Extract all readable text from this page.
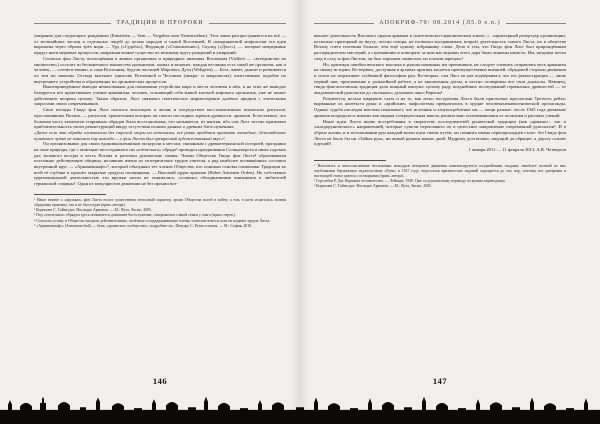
ТРАДИЦИИ И ПРОРОКИ

умирание для следующего рождения» (Entstehen — Sein — Vergehen zum Neuentstehen). Этот закон распространяется на всё — от мельчайших частиц и отдельных людей до целых народов и самой Вселенной. В скандинавской мифологии эта идея выражена через образы трёх норн — Урд («Судьба»), Верданди («Становление»), Скульд («Долг»), — которые непрерывно прядут нити мировых процессов, направляя всякое существо по великому кругу рождений и умираний.

Согласно фон Листу, воплощённая в живых организмах и природных явлениях Вселенная (Vielheit — «всеединство во множестве») состоит из бесконечного множества организмов, малых и великих: каждая песчинка есть такой же организм, как и человек, — соответственно, и сама Вселенная, будучи частицей Мирового Духа (Weltgeist) — Бога, живёт, дышит и развивается по тем же законам. Отсюда вытекает единство Вселенной и Человека (микро- и макрокосма), качественное подобие их внутреннего устройства и образующих их органических процессов.

Вышеприведённые выводы немаловажны для понимания устройства мира и места человека в нём, и на этих же выводах базируется всё нравственное учение арманизма: человек, сознающий себя живой клеткой мирового организма, уже не может действовать вопреки целому. Таким образом, Лист связывал генетическое мировоззрение далёких предков с этическими запросами своих современников.

Свои взгляды Гвидо фон Лист пытался воплощать в жизнь и посредством восстановленных языческих ритуалов, прославлявших Вотана, — ритуалов, хранителями которых он считал последних жрецов древности, арманов. Естественно, что большая часть элементов старинных обрядов была восстановлена, что называется, из наития, ибо сам Лист честно признавал приблизительность своих реконструкций ввиду отсутствия полных данных о древних богослужениях:

«Даже если эти обряды составлены без строгой опоры на источники, всё равно придётся признать очевидное: безошибочное культовое чутьё не изменяло ему никогда — у фон Листа был прекрасный художественный вкус»².

Он организовывал для своих единомышленников экскурсии к местам, связанным с древнегерманской историей, праздники на лоне природы, где с помощью воссозданного им «отеческого» обряда³ проводил празднования Солнцеворота и иных годовых дат, возжигал костры в честь Вотана и распевал рунические гимны. Члены Общества Гвидо фон Листа⁴ образовывали постоянно действующие общины, носившие имена из эзотерических трудов учителя, а ряд наиболее посвящённых составил внутренний круг — «Арманеншафт»⁵, который объединял тех членов Общества, кто понимал основы символики Традиции во всей её глубине и прошёл закрытые градусы посвящения, — Высокий орден арманов (Hoher Armanen Orden). Но собственно церемониальной деятельностью эти кружки почти не занимались, оставаясь объединениями книжников и любителей германской старины¹. Один из мемуаристов движения не без иронии воз-

¹ Наше знание о «кружках» фон Листа носит существенно неполный характер: архив Общества погиб в войну, а том, в коем излагалась полная обрядовая практика, так и не был издан (прим. автора).

² Корнилев С. Тайна рун. Наследие Арманов. — М.: Яуза, Эксмо, 2005.

³ Под «отеческим» обрядом здесь понимается домашнее богослужение, совершаемое главой семьи у очага (прим. перев.).

⁴ Согласно уставу, в Общество входили действительные, почётные и поддерживающие члены; членские взносы шли на издание трудов Листа.

⁵ «Арманеншафт» (Armanenschaft) — букв. «арманское сообщество»; подробнее см.: Флауэрс С. Руны и магия. — М.: София, 2010.

АПОКРИФ-79: 08.2014 (Л5.0 e.n.)

вышает деятельность Высокого ордена арманов в синтетически-гармоническом ключе: «...характерный репертуар организации, несколько приторный по вкусу, честно говоря, не позволял воспринимать всерьёз деятельность самого Листа, но в обществе Вотану спето почтения больше, чем ещё одному избраннику слова. Дело в том, что Гвидо фон Лист был прирождённым распорядителем мистерий, а стремившиеся повторять за ним наследники этого дара были лишены начисто. Им, шедшим почти след в след за фон Листом, он был хорошим символом, но плохим жрецом»¹.

Но, критикуя ошибки венского мистика и рукоположенных им преемников, не следует спешить отправлять весь арманизм на свалку истории. Во-первых, доступная в архивах критика касается преимущественно внешней, обрядовой стороны движения и почти не затрагивает глубинной философии рун. Во-вторых, сам Лист не раз подчёркивал, что его реконструкции — лишь первый шаг, приглашение к дальнейшей работе, а не законченная догма, и честно оговаривал все свои домыслы. Наконец, гвидо-фон-листовская традиция дала мощный импульс целому ряду позднейших исследований германских древностей — от академической рунологии до «вольных» духовных школ Европы².

Разумеется, нельзя закрывать глаза и на то, как легко построения Листа были присвоены идеологами Третьего рейха: вырванные из контекста руны и «арийские» мифологемы превратились в орудие человеконенавистнической пропаганды. Однако судьба наследия мистика показывает, что источник и злоупотребление им — вещи разные: после 1945 года движение арманов возродилось именно как мирная созерцательная школа, решительно отмежевавшаяся от политики и расовых учений.

Ныне идеи Листа вновь востребованы в творчестве последователей рунической традиции (как «армано»-, так и «младорунического» направлений), которые сумели переплавить их в целостное направление современной рунологии³. И в образе жизни, и в истолковании рун каждый волен идти своим путём, но помнить имена первопроходцев стоит: без Гвидо фон Листа не было бы ни «Тайны рун», ни живой руники наших дней. Мудрому достаточно, ищущий да обрящет, а дорогу осилит идущий!

1 января 2011 — 11 февраля 2013, А.В. Четвергов

¹ Неполнота и многочисленные нестыковки мемуаров ветеранов движения компенсируются позднейшими сводами; наиболее полный из них опубликован берлинским издательством «Руна» в 1927 году; недостаток критических изданий ощущается до сих пор, поэтому все датировки в настоящей статье даются с оговорками (прим. автора).

² Горслебен Р. Дж. Вершина человечества. — Лейпциг, 1930. Цит. по рукописному переводу из архива переводчика.

³ Корнилев С. Тайна рун. Наследие Арманов. — М.: Яуза, Эксмо, 2005.

146	147
